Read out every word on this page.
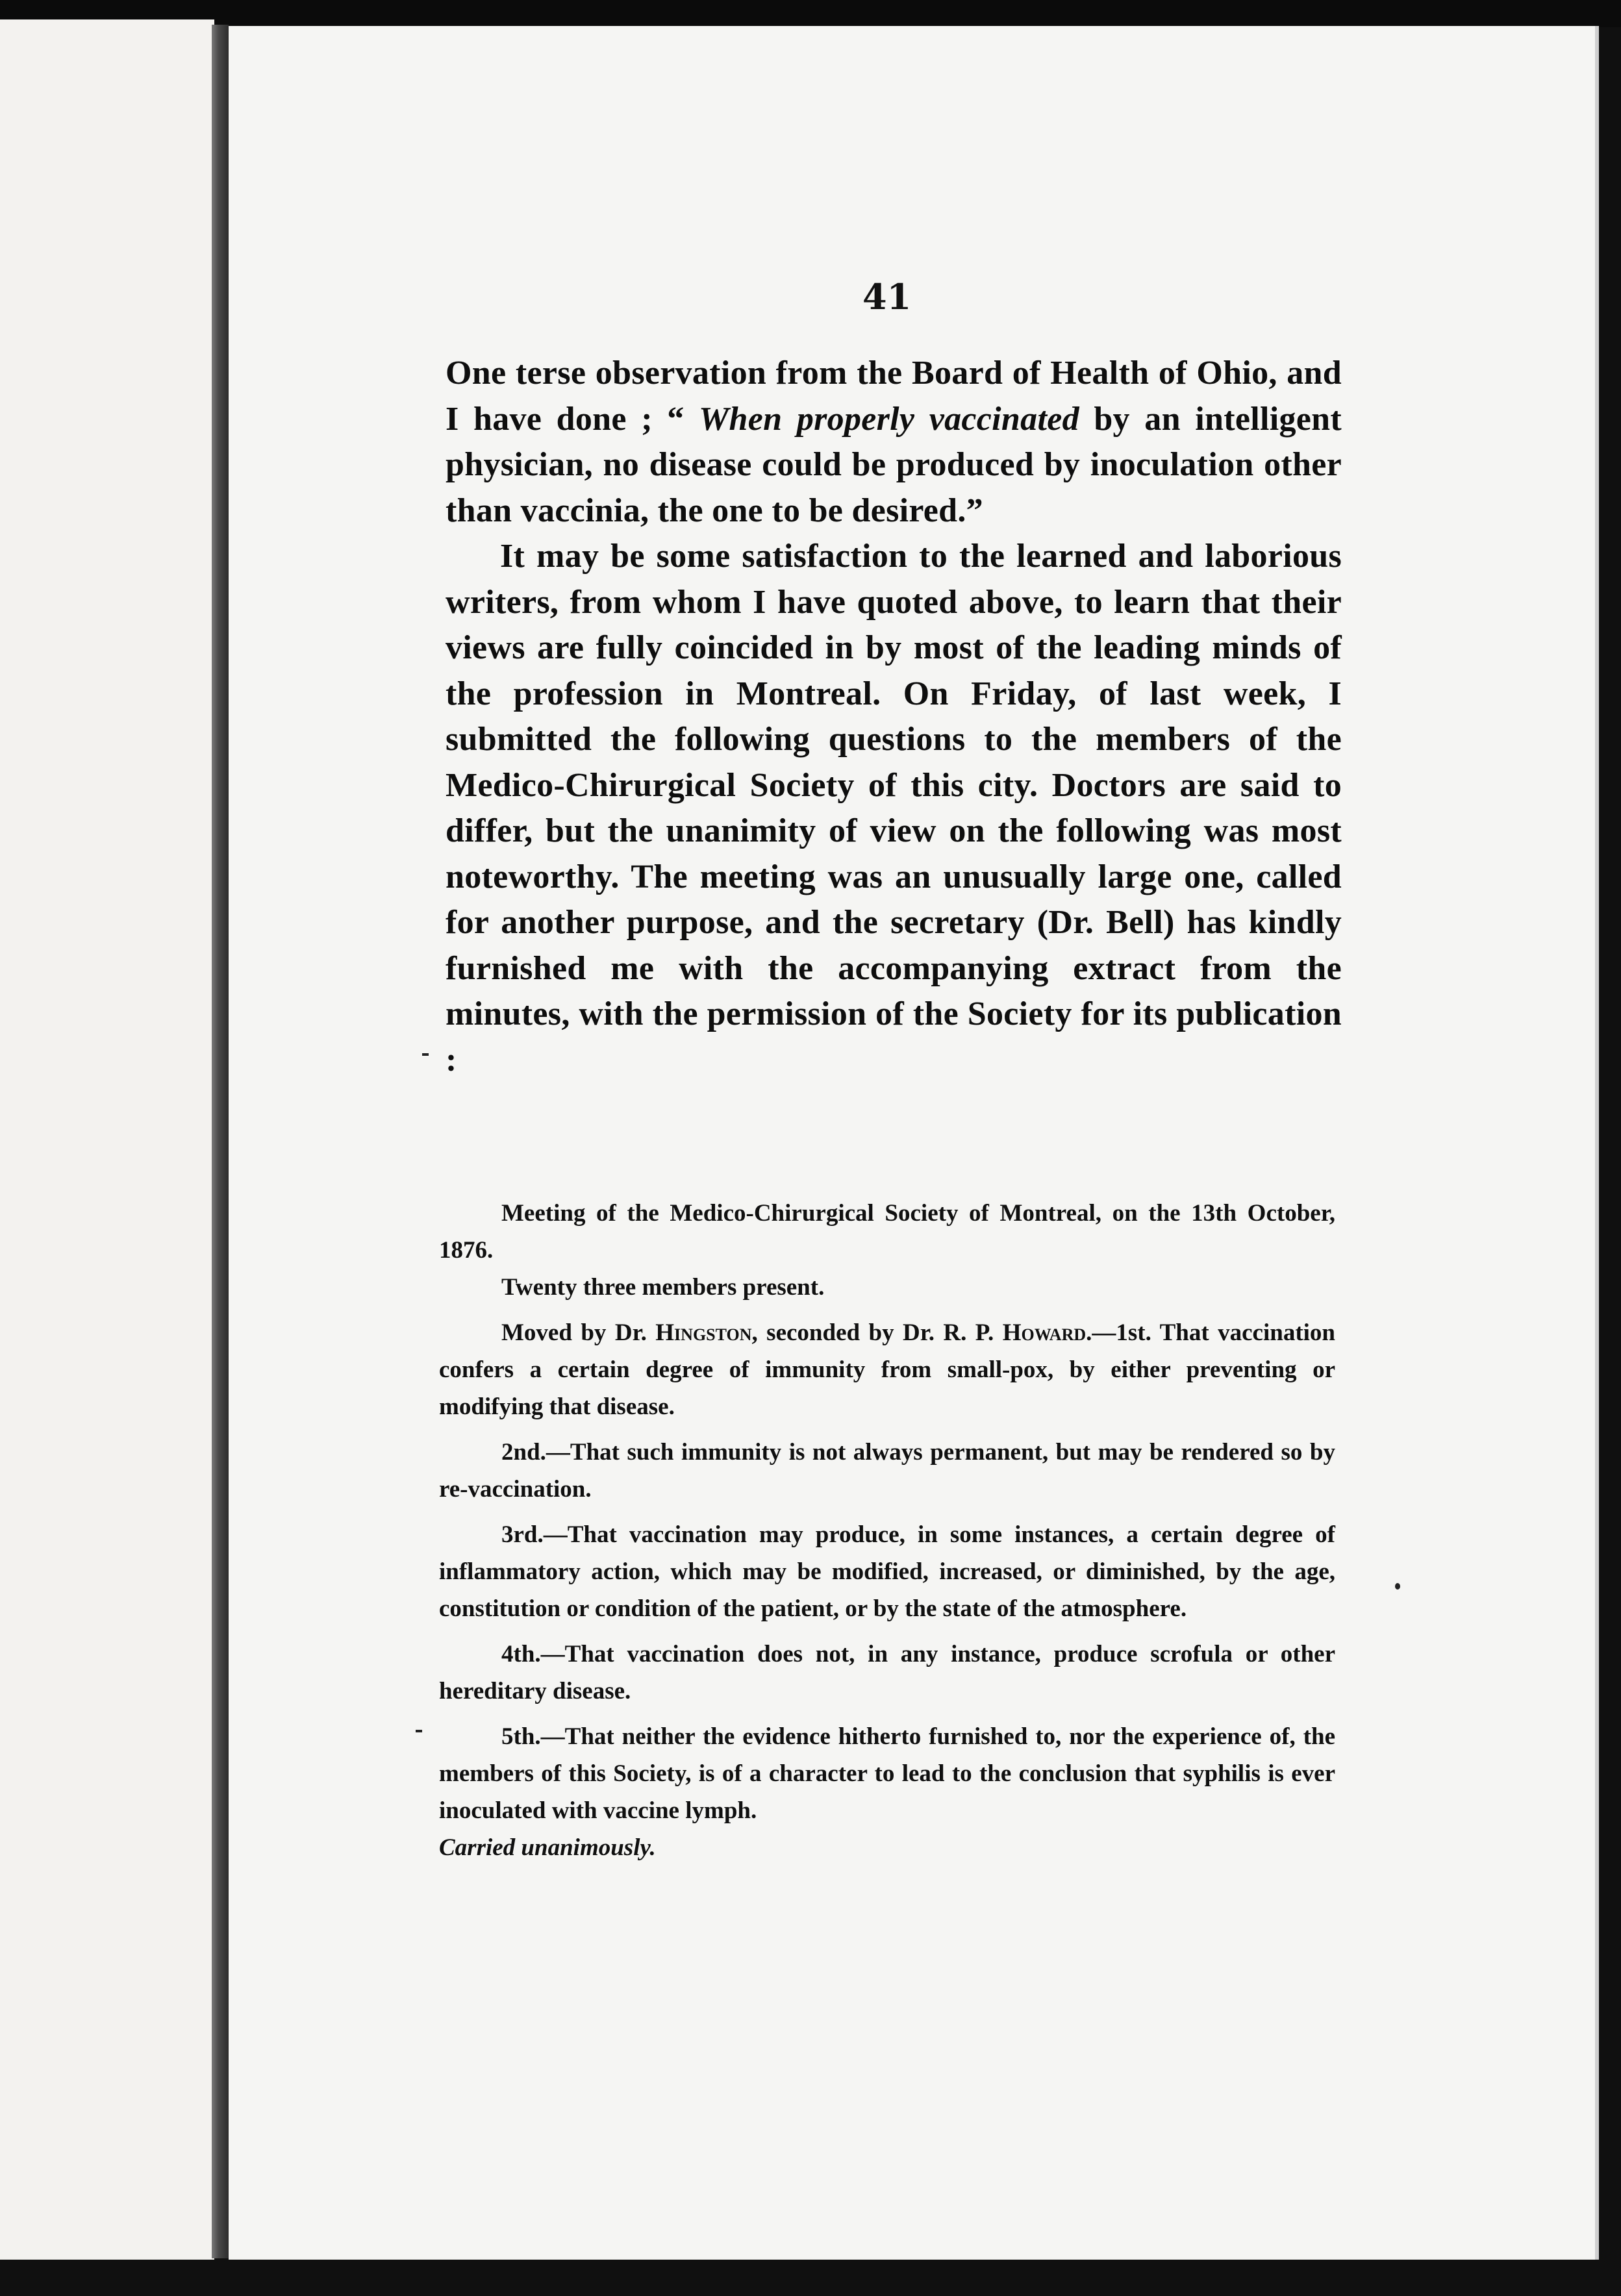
41

One terse observation from the Board of Health of Ohio, and I have done ; “ When properly vaccinated by an intelligent physician, no disease could be produced by inoculation other than vaccinia, the one to be desired.”

It may be some satisfaction to the learned and laborious writers, from whom I have quoted above, to learn that their views are fully coincided in by most of the leading minds of the profession in Montreal. On Friday, of last week, I submitted the following questions to the members of the Medico-Chirurgical Society of this city. Doctors are said to differ, but the unanimity of view on the following was most noteworthy. The meeting was an unusually large one, called for another purpose, and the secretary (Dr. Bell) has kindly furnished me with the accompanying extract from the minutes, with the permission of the Society for its publication :

Meeting of the Medico-Chirurgical Society of Montreal, on the 13th October, 1876.

Twenty three members present.

Moved by Dr. Hingston, seconded by Dr. R. P. Howard.—1st. That vaccination confers a certain degree of immunity from small-pox, by either preventing or modifying that disease.

2nd.—That such immunity is not always permanent, but may be rendered so by re-vaccination.

3rd.—That vaccination may produce, in some instances, a certain degree of inflammatory action, which may be modified, increased, or diminished, by the age, constitution or condition of the patient, or by the state of the atmosphere.

4th.—That vaccination does not, in any instance, produce scrofula or other hereditary disease.

5th.—That neither the evidence hitherto furnished to, nor the experience of, the members of this Society, is of a character to lead to the conclusion that syphilis is ever inoculated with vaccine lymph.

Carried unanimously.
